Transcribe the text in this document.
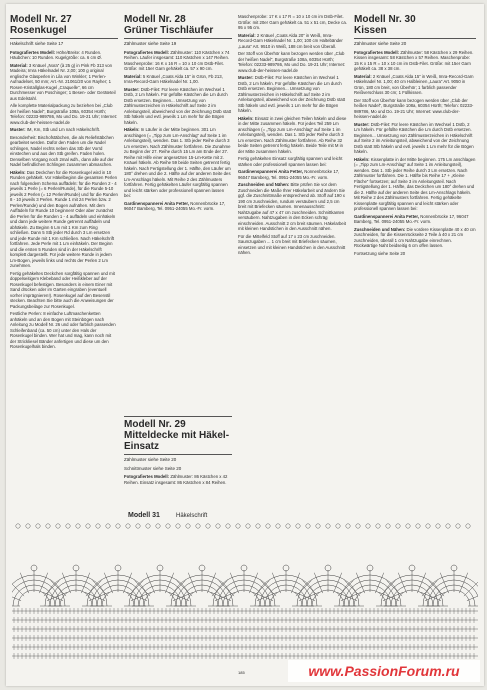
Modell Nr. 27
Rosenkugel
Häkelschrift siehe Seite 17

Fotografiertes Modell: Höhe/Breite: 4 Runden. Häubchen: 10 Runden. Kugelgröße: ca. 6 cm Ø.

Material: 3 Knäuel „Nora“ (à 25 g) in Pink Fb 313 von Madeira; Imra Häkelnadel Nr. 2,00; 100 g original englische Glasperlen in Lila von Winkler; 1 Perlen-Aufnadelset, 50 mm; Art.-Nr. 21061/20 von Rayher; 1 Rosen-Kristallglas-Kugel „Craquelle“, 66 cm Durchmesser von Poschinger; 1 Besen- oder Geräteteil aus Edelstahl.

Alle komplette Materialpackung zu beziehen bei „Club der heißen Nadel“, Burgstraße 108a, 60354 Hürth; Telefon: 02233-989786, Mo und Do. 19-21 Uhr; Internet: www.club-der-heissen-nadel.de

Muster: IM, Km, Stb und Lm nach Häkelschrift.

Besonderheit: Bischofstäbchen, die als Reliefstäbchen gearbeitet werden. Dafür den Faden um die Nadel schlingen, Nadel rechts neben das Stb der Vorrd einstechen und aus den Stb greifen. Faden holen. Denselben Vorgang noch 2mal wdh., dann alle auf der Nadel befindlichen Schlingen zusammen abmaschen.

Häkeln: Das Deckchen für die Rosenkugel wird in 10 Runden gehäkelt. Vor Häkelbeginn die gesamten Perlen nach folgendem Schema auffädeln: für die Runden 2 - 4 jeweils 1 Perle (= 6 Perlen/Runde), für die Runde 5-10 jeweils 2 Perlen (= 12 Perlen/Runde) und für die Runden 8 - 10 jeweils 3 Perlen. Runde 1 mit 24 Perlen bzw. 2 Perlen/Runde) und den Bogen aufnähen. Mit dem Auffädeln für Runde 10 beginnen! Oder aber zunächst die Perlen für die Runden 1 - 4 auffädeln und einhäkeln und dann jede weitere Runde getrennt auffädeln und abhäkeln. Zu Beginn 6 Lm mit 1 Km zum Ring schließen. Dann 5 Stb jeder Rd durch 3 Lm ersetzen und jede Runde mit 1 Km schließen. Nach Häkelschrift fortfahren. Jede Perle mit 1 Lm einhäkeln. Der Beginn und die ersten 5 Runden sind in der Häkelschrift komplett dargestellt. Für jede weitere Runde in jedem Lm-Bogen, jeweils links und rechts der Perlen 2 Lm zunehmen.

Fertig gehäkeltes Deckchen sorgfältig spannen und mit doppelseitigem Klebeband oder Heißkleber auf der Rosenkugel befestigen. Besonders in einem Einer mit Sand drücken oder im Garten eingraben (eventuell vorher imprägnieren!). Rosenkugel auf den Besenstil stecken. Beachten Sie bitte auch die Anweisungen der Packungsbeilage zur Rosenkugel.

Festliche Perlen: 8 einfache Luftmaschenketten anhäkeln und an den Bogen mit Steinbögen nach Anleitung zu Modell Nr. 26 und oder farblich passenden Schleifenband (ca. 50 cm) unter den Hals der Rosenkugel binden. Wer hat und mag, kann noch mit der Strickliesel Bänder anfertigen und diese um den Rosenkugelhals binden.

Modell Nr. 28
Grüner Tischläufer
Zählmuster siehe Seite 19

Fotografiertes Modell: Zählmuster: 110 Kästchen x 74 Reihen. Läufer insgesamt: 110 Kästchen x 147 Reihen. Maschenprobe: 16 K x 16 R = 10 x 10 cm Dstb-Filet. Größe: mit 15er Garn gehäkelt ca. 57 x 90 cm.

Material: 5 Knäuel „Coats Alda 15“ in Grün, Fb 213, Imra-Record-Garn Häkelnadel Nr. 1,00.

Muster: Dstb-Filet: Für leere Kästchen im Wechsel 1 Dstb, 2 Lm häkeln. Für gefüllte Kästchen die Lm durch Dstb ersetzen. Beginnen... Umsetzung von Zählmusterzeichen in Häkelschrift auf Seite 2 im Anleitungsteil, abweichend von der Zeichnung Dstb statt Stb häkeln und evtl. jeweils 1 Lm mehr für die Bögen häkeln.

Häkeln: In Läufer in der Mitte beginnen. 301 Lm anschlagen (= „Tipp zum Lm-Anschlag“ auf Seite 1 im Anleitungsteil), wenden. Das 1. Stb jeder Reihe durch 3 Lm ersetzen. Nach Zählmuster fortfahren. Die Zunahme zu Beginn der 27. Reihe durch 15 Lm am Ende der 27. Reihe mit Hilfe einer angesetzten 15-Lm-Kette mit 2. Knäuel häkeln. Ab Reihe 59 beide Seiten getrennt fertig häkeln. Nach Fertigstellung der 1. Hälfte, den Läufer um 180° drehen und die 2. Hälfte auf der anderen Seite des Lm-Anschlags häkeln. Mit Reihe 2 des Zählmusters fortfahren. Fertig gehäkelten Läufer sorgfältig spannen und leicht stärken oder professionell spannen lassen bei:

Gardinenspannerei Anita Fetter, Nonnenbrücke 17, 96047 Bamberg, Tel. 0951-24055 Mo.-Fr. vorm.

Modell Nr. 29
Mitteldecke mit Häkel-Einsatz
Zählmuster siehe Seite 20
Schnittmuster siehe Seite 20

Fotografiertes Modell: Zählmuster: 86 Kästchen x 42 Reihen. Einsatz insgesamt: 86 Kästchen x 84 Reihen.

Maschenprobe: 17 K x 17 R = 10 x 10 cm im Dstb-Filet. Größe: mit 20er Garn gehäkelt ca. 51 x 51 cm, Decke ca. 95 x 95 cm.

Material: 2 Knäuel „Coats Alda 20“ in Weiß, Imra-Record-Garn Häkelnadel Nr. 1,00; 100 cm Haltebänder „Laura“ Art. 9510 in Weiß, 188 cm breit von Überall.

Der Stoff von Überhör kann bezogen werden über „Club der heißen Nadel“, Burgstraße 108a, 60354 Hürth; Telefon: 02233-989786, Mo und Do. 19-21 Uhr; Internet: www.club-der-heissen-nadel.de

Muster: Dstb-Filet: Für leere Kästchen im Wechsel 1 Dstb, 2 Lm häkeln. Für gefüllte Kästchen die Lm durch Dstb ersetzen. Beginnen... Umsetzung von Zählmusterzeichen in Häkelschrift auf Seite 2 im Anleitungsteil, abweichend von der Zeichnung Dstb statt Stb häkeln und evtl. jeweils 1 Lm mehr für die Bögen häkeln.

Häkeln: Einsatz in zwei gleichen Teilen häkeln und diese in der Mitte zusammen häkeln. Für jedes Teil 259 Lm anschlagen (= „Tipp zum Lm-Anschlag“ auf Seite 1 im Anleitungsteil), wenden. Das 1. Stb jeder Reihe durch 3 Lm ersetzen. Nach Zählmuster fortfahren. Ab Reihe 32 beide Seiten getrennt fertig häkeln. Beide Teile mit M in der Mitte zusammen häkeln.

Fertig gehäkelten Einsatz sorgfältig spannen und leicht stärken oder professionell spannen lassen bei:

Gardinenspannerei Anita Fetter, Nonnenbrücke 17, 96047 Bamberg, Tel. 0951-24055 Mo.-Fr. vorm.

Zuschneiden und Nähen: Bitte prüfen Sie vor dem Zuschneiden die Maße Ihrer Häkelarbeit und ändern Sie ggf. die Zuschnittmaße entsprechend ab. Stoff auf 190 x 190 cm zuschneiden, rundum versäubern und 2,5 cm breit mit Briefecken säumen. Innenausschnitt: Nahtzugabe auf 47 x 47 cm zuschneiden. Schnittkanten versäubern. Nahtzugaben in den Ecken schräg einschneiden. Ausschnitt 2 cm breit säumen. Häkelarbeit mit kleinen Handstichen in den Ausschnitt nähen.

Für die Mittelfeld Stoff auf 17 x 23 cm zuschneiden. Saumzugaben ... 1 cm breit mit Briefecken säumen, einsetzen und mit kleinen Handstichen in den Ausschnitt nähen.

Modell Nr. 30
Kissen
Zählmuster siehe Seite 20

Fotografiertes Modell: Zählmuster: 58 Kästchen x 29 Reihen. Kissen insgesamt: 58 Kästchen x 57 Reihen. Maschenprobe: 15 K x 15 R = 10 x 10 cm im Dstb-Filet. Größe: mit 15er Garn gehäkelt ca. 38 x 38 cm.

Material: 2 Knäuel „Coats Alda 15“ in Weiß, Imra-Record-Garn Häkelnadel Nr. 1,00; 40 cm Halbleinen „Laura“ Art. 9050 in Grün, 180 cm breit, von Überhör; 1 farblich passender Reißverschluss 30 cm; 1 Füllkissen.

Der Stoff von Überhör kann bezogen werden über „Club der heißen Nadel“, Burgstraße 108a, 60354 Hürth; Telefon: 02233-989786, Mo und Do. 19-21 Uhr; Internet: www.club-der-heissen-nadel.de

Muster: Dstb-Filet: Für leere Kästchen im Wechsel 1 Dstb, 2 Lm häkeln. Für gefüllte Kästchen die Lm durch Dstb ersetzen. Beginnen... Umsetzung von Zählmusterzeichen in Häkelschrift auf Seite 2 im Anleitungsteil, abweichend von der Zeichnung Dstb statt Stb häkeln und evtl. jeweils 1 Lm mehr für die Bögen häkeln.

Häkeln: Kissenplatte in der Mitte beginnen. 175 Lm anschlagen (= „Tipp zum Lm-Anschlag“ auf Seite 1 im Anleitungsteil), wenden. Das 1. Stb jeder Reihe durch 3 Lm ersetzen. Nach Zählmuster fortfahren. Die 1. Hälfte bis Reihe 17 + „Kleine Fläche“ fortsetzen; auf Seite 3 im Anleitungsteil. Nach Fertigstellung der 1. Hälfte, das Deckchen um 180° drehen und die 2. Hälfte auf der anderen Seite des Lm-Anschlags häkeln. Mit Reihe 2 des Zählmusters fortfahren. Fertig gehäkelte Kissenplatte sorgfältig spannen und leicht stärken oder professionell spannen lassen bei:

Gardinenspannerei Anita Fetter, Nonnenbrücke 17, 96047 Bamberg, Tel. 0951-24055 Mo.-Fr. vorm.

Zuschneiden und Nähen: Die vordere Kissenplatte 40 x 40 cm zuschneiden, für die Kissenrückseite 2 Teile à 40 x 21 cm zuschneiden, überall 1 cm Nahtzugabe einrechnen. Rückwärtige Naht beidseitig 6 cm offen lassen.

Fortsetzung siehe Seite 20

Modell 31	Häkelschrift
185	www.PassionForum.ru
